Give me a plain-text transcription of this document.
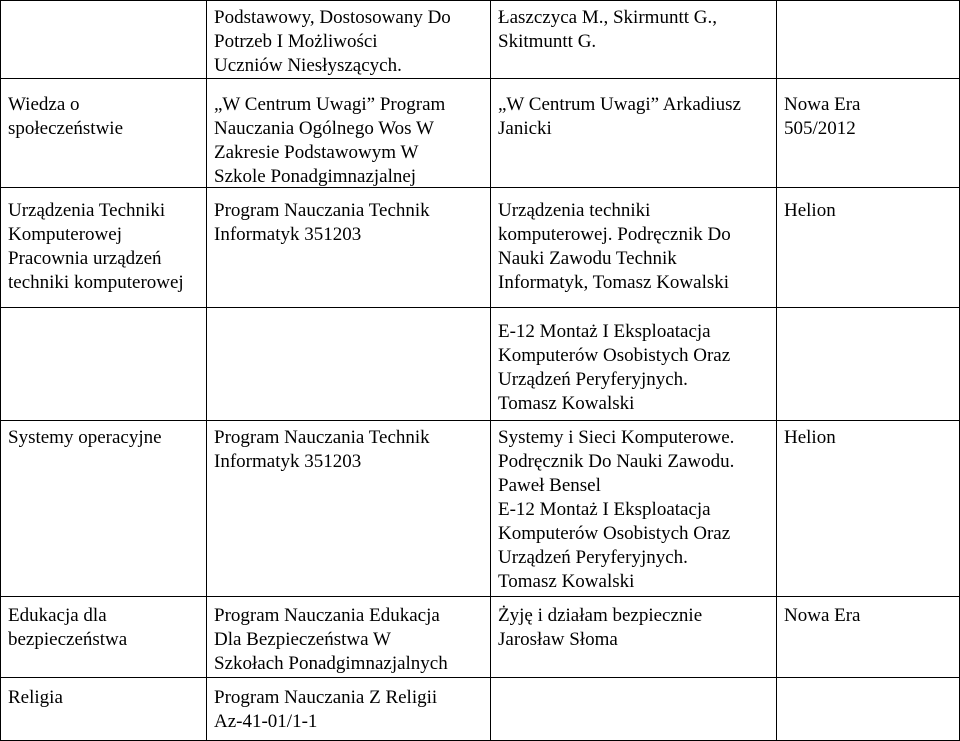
Podstawowy, Dostosowany Do
Potrzeb I Możliwości
Uczniów Niesłyszących.
Łaszczyca M., Skirmuntt G.,
Skitmuntt G.
Wiedza o
społeczeństwie
„W Centrum Uwagi” Program
Nauczania Ogólnego Wos W
Zakresie Podstawowym W
Szkole Ponadgimnazjalnej
„W Centrum Uwagi” Arkadiusz
Janicki
Nowa Era
505/2012
Urządzenia Techniki
Komputerowej
Pracownia urządzeń
techniki komputerowej
Program Nauczania Technik
Informatyk 351203
Urządzenia techniki
komputerowej. Podręcznik Do
Nauki Zawodu Technik
Informatyk, Tomasz Kowalski
Helion
E-12 Montaż I Eksploatacja
Komputerów Osobistych Oraz
Urządzeń Peryferyjnych.
Tomasz Kowalski
Systemy operacyjne	Program Nauczania Technik
Informatyk 351203
Systemy i Sieci Komputerowe.
Podręcznik Do Nauki Zawodu.
Paweł Bensel
E-12 Montaż I Eksploatacja
Komputerów Osobistych Oraz
Urządzeń Peryferyjnych.
Tomasz Kowalski
Helion
Edukacja dla
bezpieczeństwa
Program Nauczania Edukacja
Dla Bezpieczeństwa W
Szkołach Ponadgimnazjalnych
Żyję i działam bezpiecznie
Jarosław Słoma
Nowa Era
Religia	Program Nauczania Z Religii
Az-41-01/1-1
